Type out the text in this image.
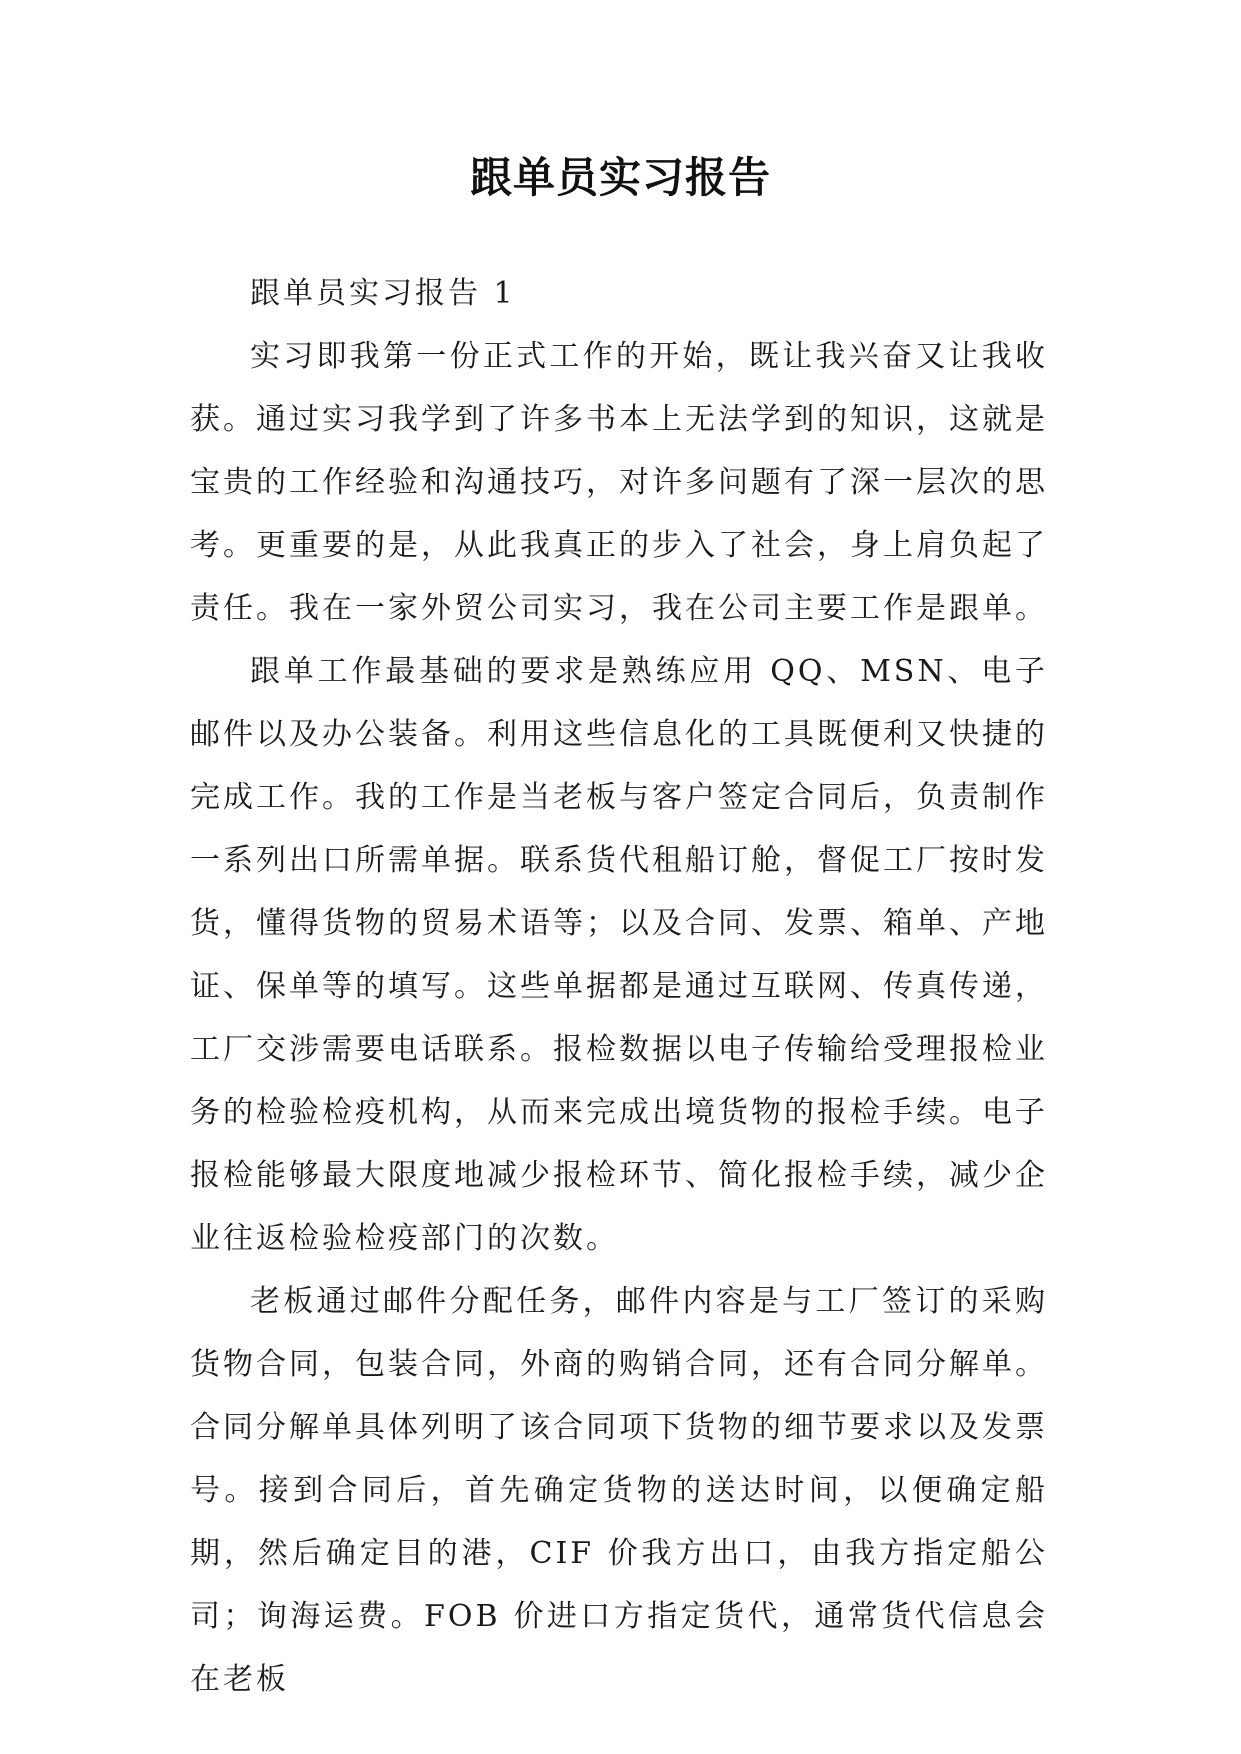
跟单员实习报告

跟单员实习报告 1

实习即我第一份正式工作的开始，既让我兴奋又让我收获。通过实习我学到了许多书本上无法学到的知识，这就是宝贵的工作经验和沟通技巧，对许多问题有了深一层次的思考。更重要的是，从此我真正的步入了社会，身上肩负起了责任。我在一家外贸公司实习，我在公司主要工作是跟单。

跟单工作最基础的要求是熟练应用 QQ、MSN、电子邮件以及办公装备。利用这些信息化的工具既便利又快捷的完成工作。我的工作是当老板与客户签定合同后，负责制作一系列出口所需单据。联系货代租船订舱，督促工厂按时发货，懂得货物的贸易术语等；以及合同、发票、箱单、产地证、保单等的填写。这些单据都是通过互联网、传真传递，工厂交涉需要电话联系。报检数据以电子传输给受理报检业务的检验检疫机构，从而来完成出境货物的报检手续。电子报检能够最大限度地减少报检环节、简化报检手续，减少企业往返检验检疫部门的次数。

老板通过邮件分配任务，邮件内容是与工厂签订的采购货物合同，包装合同，外商的购销合同，还有合同分解单。合同分解单具体列明了该合同项下货物的细节要求以及发票号。接到合同后，首先确定货物的送达时间，以便确定船期，然后确定目的港，CIF 价我方出口，由我方指定船公司；询海运费。FOB 价进口方指定货代，通常货代信息会在老板
